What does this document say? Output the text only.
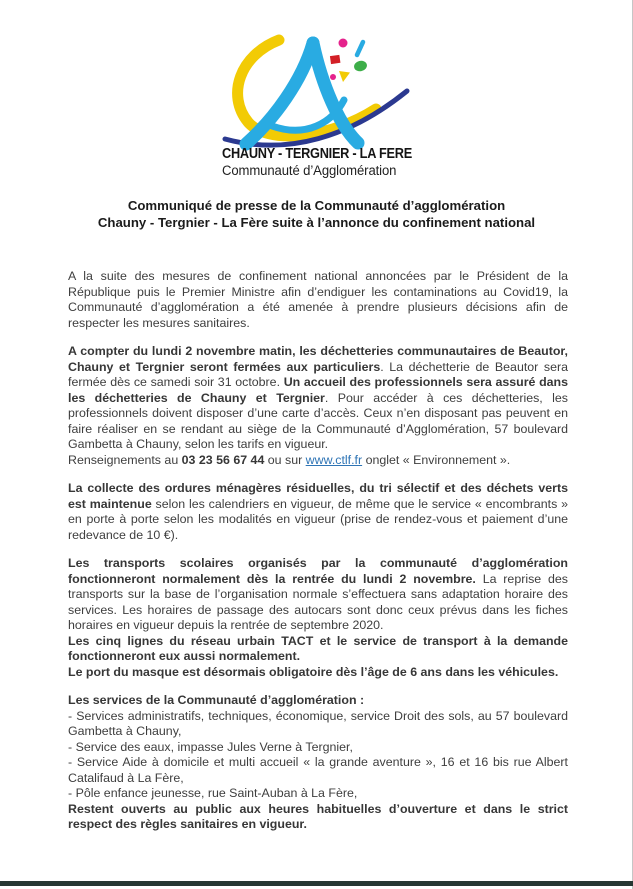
CHAUNY - TERGNIER - LA FERE
Communauté d’Agglomération
Communiqué de presse de la Communauté d’agglomération
Chauny - Tergnier - La Fère suite à l’annonce du confinement national

A la suite des mesures de confinement national annoncées par le Président de la République puis le Premier Ministre afin d’endiguer les contaminations au Covid19, la Communauté d’agglomération a été amenée à prendre plusieurs décisions afin de respecter les mesures sanitaires.

A compter du lundi 2 novembre matin, les déchetteries communautaires de Beautor, Chauny et Tergnier seront fermées aux particuliers. La déchetterie de Beautor sera fermée dès ce samedi soir 31 octobre. Un accueil des professionnels sera assuré dans les déchetteries de Chauny et Tergnier. Pour accéder à ces déchetteries, les professionnels doivent disposer d’une carte d’accès. Ceux n’en disposant pas peuvent en faire réaliser en se rendant au siège de la Communauté d’Agglomération, 57 boulevard Gambetta à Chauny, selon les tarifs en vigueur.
Renseignements au 03 23 56 67 44 ou sur www.ctlf.fr onglet « Environnement ».

La collecte des ordures ménagères résiduelles, du tri sélectif et des déchets verts est maintenue selon les calendriers en vigueur, de même que le service « encombrants » en porte à porte selon les modalités en vigueur (prise de rendez-vous et paiement d’une redevance de 10 €).

Les transports scolaires organisés par la communauté d’agglomération fonctionneront normalement dès la rentrée du lundi 2 novembre. La reprise des transports sur la base de l’organisation normale s’effectuera sans adaptation horaire des services. Les horaires de passage des autocars sont donc ceux prévus dans les fiches horaires en vigueur depuis la rentrée de septembre 2020.
Les cinq lignes du réseau urbain TACT et le service de transport à la demande fonctionneront eux aussi normalement.
Le port du masque est désormais obligatoire dès l’âge de 6 ans dans les véhicules.

Les services de la Communauté d’agglomération :
- Services administratifs, techniques, économique, service Droit des sols, au 57 boulevard Gambetta à Chauny,
- Service des eaux, impasse Jules Verne à Tergnier,
- Service Aide à domicile et multi accueil « la grande aventure », 16 et 16 bis rue Albert Catalifaud à La Fère,
- Pôle enfance jeunesse, rue Saint-Auban à La Fère,
Restent ouverts au public aux heures habituelles d’ouverture et dans le strict respect des règles sanitaires en vigueur.
